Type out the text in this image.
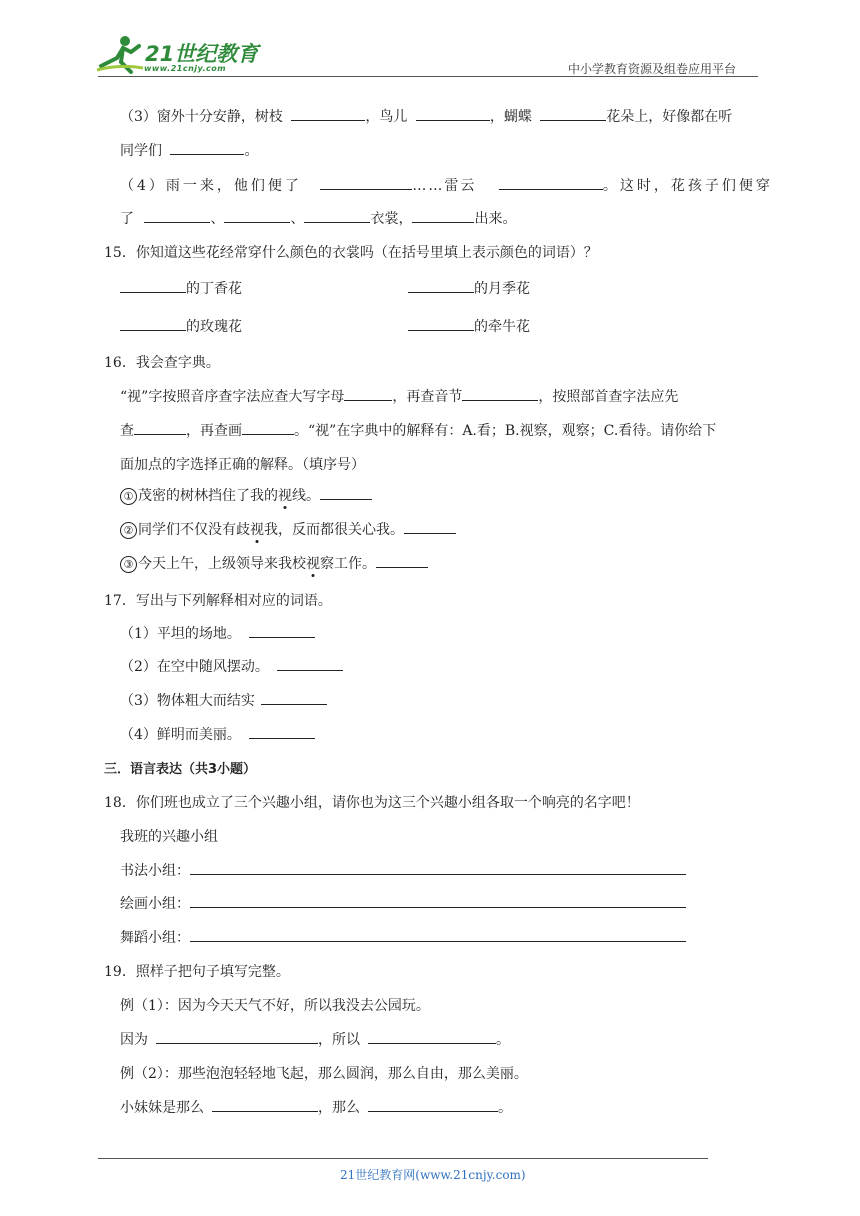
21世纪教育
www.21cnjy.com	中小学教育资源及组卷应用平台
（3）窗外十分安静，树枝	，鸟儿	，蝴蝶	花朵上，好像都在听
同学们	。
（4）雨一来，他们便了	……雷云	。这时，花孩子们便穿
了	、	、	衣裳，	出来。
15．你知道这些花经常穿什么颜色的衣裳吗（在括号里填上表示颜色的词语）？
的丁香花	的月季花
的玫瑰花	的牵牛花
16．我会查字典。
“视”字按照音序查字法应查大写字母	，再查音节	，按照部首查字法应先
查	，再查画	。“视”在字典中的解释有：A.看；B.视察，观察；C.看待。请你给下
面加点的字选择正确的解释。（填序号）
① 茂密的树林挡住了我的视线。
② 同学们不仅没有歧视我，反而都很关心我。
③ 今天上午，上级领导来我校视察工作。
17．写出与下列解释相对应的词语。
（1）平坦的场地。
（2）在空中随风摆动。
（3）物体粗大而结实
（4）鲜明而美丽。
三．语言表达（共3小题）
18．你们班也成立了三个兴趣小组，请你也为这三个兴趣小组各取一个响亮的名字吧！
我班的兴趣小组
书法小组：
绘画小组：
舞蹈小组：
19．照样子把句子填写完整。
例（1）：因为今天天气不好，所以我没去公园玩。
因为	，所以	。
例（2）：那些泡泡轻轻地飞起，那么圆润，那么自由，那么美丽。
小妹妹是那么	，那么	。
21世纪教育网(www.21cnjy.com)
